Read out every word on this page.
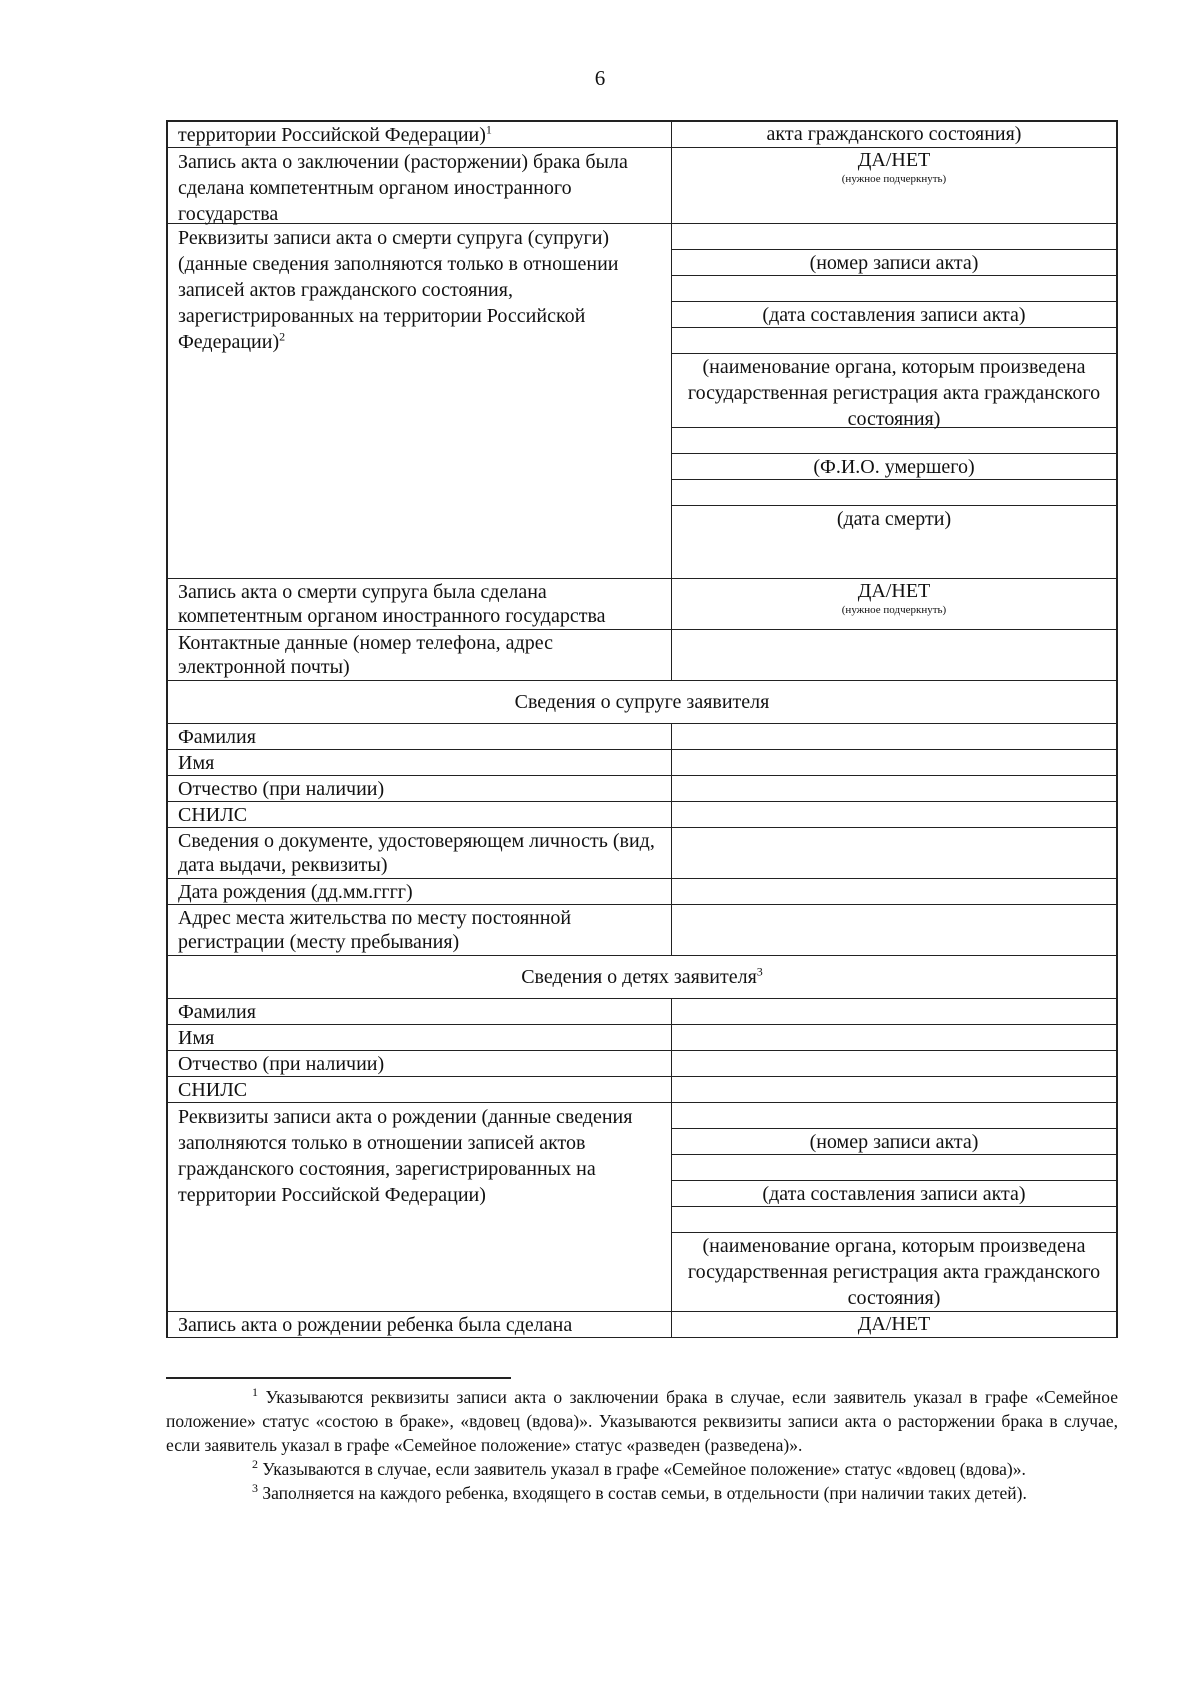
6
территории Российской Федерации)$^1$	акта гражданского состояния)
Запись акта о заключении (расторжении) брака была сделана компетентным органом иностранного государства
ДА/НЕТ
(нужное подчеркнуть)
Реквизиты записи акта о смерти супруга (супруги) (данные сведения заполняются только в отношении записей актов гражданского состояния, зарегистрированных на территории Российской Федерации)$^2$
(номер записи акта)
(дата составления записи акта)
(наименование органа, которым произведена государственная регистрация акта гражданского состояния)
(Ф.И.О. умершего)
(дата смерти)
Запись акта о смерти супруга была сделана компетентным органом иностранного государства
ДА/НЕТ
(нужное подчеркнуть)
Контактные данные (номер телефона, адрес электронной почты)
Сведения о супруге заявителя
Фамилия
Имя
Отчество (при наличии)
СНИЛС
Сведения о документе, удостоверяющем личность (вид, дата выдачи, реквизиты)
Дата рождения (дд.мм.гггг)
Адрес места жительства по месту постоянной регистрации (месту пребывания)
Сведения о детях заявителя$^3$
Фамилия
Имя
Отчество (при наличии)
СНИЛС
Реквизиты записи акта о рождении (данные сведения заполняются только в отношении записей актов гражданского состояния, зарегистрированных на территории Российской Федерации)
(номер записи акта)
(дата составления записи акта)
(наименование органа, которым произведена государственная регистрация акта гражданского состояния)
Запись акта о рождении ребенка была сделана	ДА/НЕТ

$^1$ Указываются реквизиты записи акта о заключении брака в случае, если заявитель указал в графе «Семейное положение» статус «состою в браке», «вдовец (вдова)». Указываются реквизиты записи акта о расторжении брака в случае, если заявитель указал в графе «Семейное положение» статус «разведен (разведена)».

$^2$ Указываются в случае, если заявитель указал в графе «Семейное положение» статус «вдовец (вдова)».

$^3$ Заполняется на каждого ребенка, входящего в состав семьи, в отдельности (при наличии таких детей).
